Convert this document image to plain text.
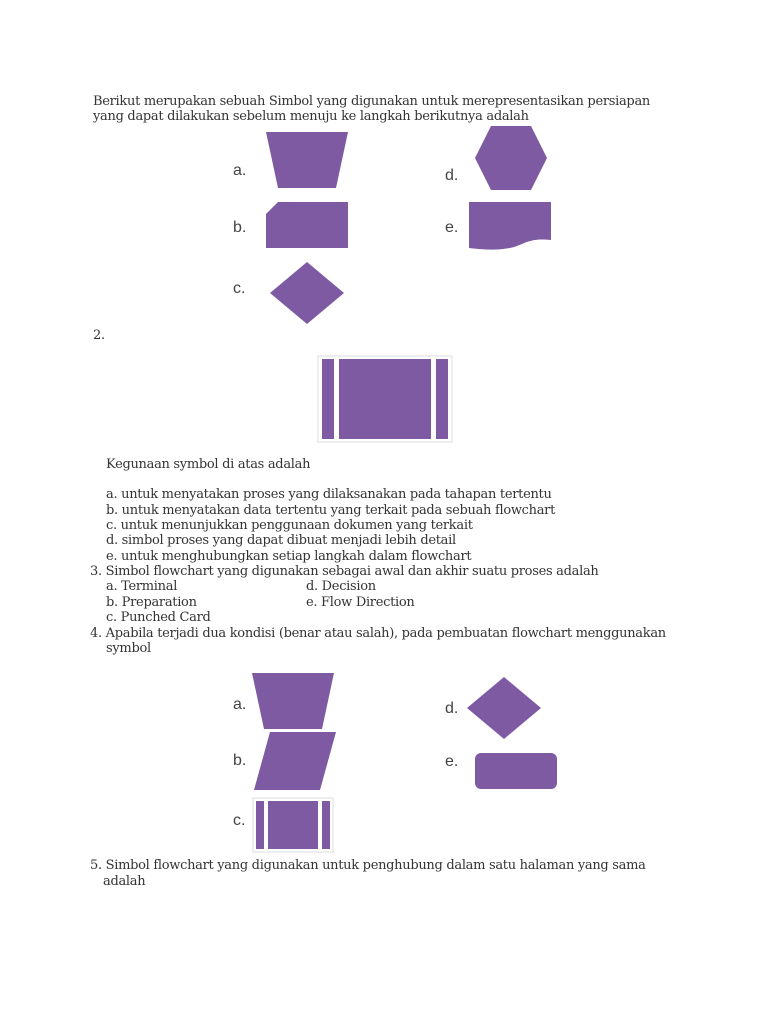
Berikut merupakan sebuah Simbol yang digunakan untuk merepresentasikan persiapan
yang dapat dilakukan sebelum menuju ke langkah berikutnya adalah
a.
b.
c.
d.
e.
2.
Kegunaan symbol di atas adalah
a. untuk menyatakan proses yang dilaksanakan pada tahapan tertentu
b. untuk menyatakan data tertentu yang terkait pada sebuah flowchart
c. untuk menunjukkan penggunaan dokumen yang terkait
d. simbol proses yang dapat dibuat menjadi lebih detail
e. untuk menghubungkan setiap langkah dalam flowchart
3. Simbol flowchart yang digunakan sebagai awal dan akhir suatu proses adalah
a. Terminal	d. Decision
b. Preparation	e. Flow Direction
c. Punched Card
4. Apabila terjadi dua kondisi (benar atau salah), pada pembuatan flowchart menggunakan
symbol
a.
b.
c.
d.
e.
5. Simbol flowchart yang digunakan untuk penghubung dalam satu halaman yang sama
adalah
